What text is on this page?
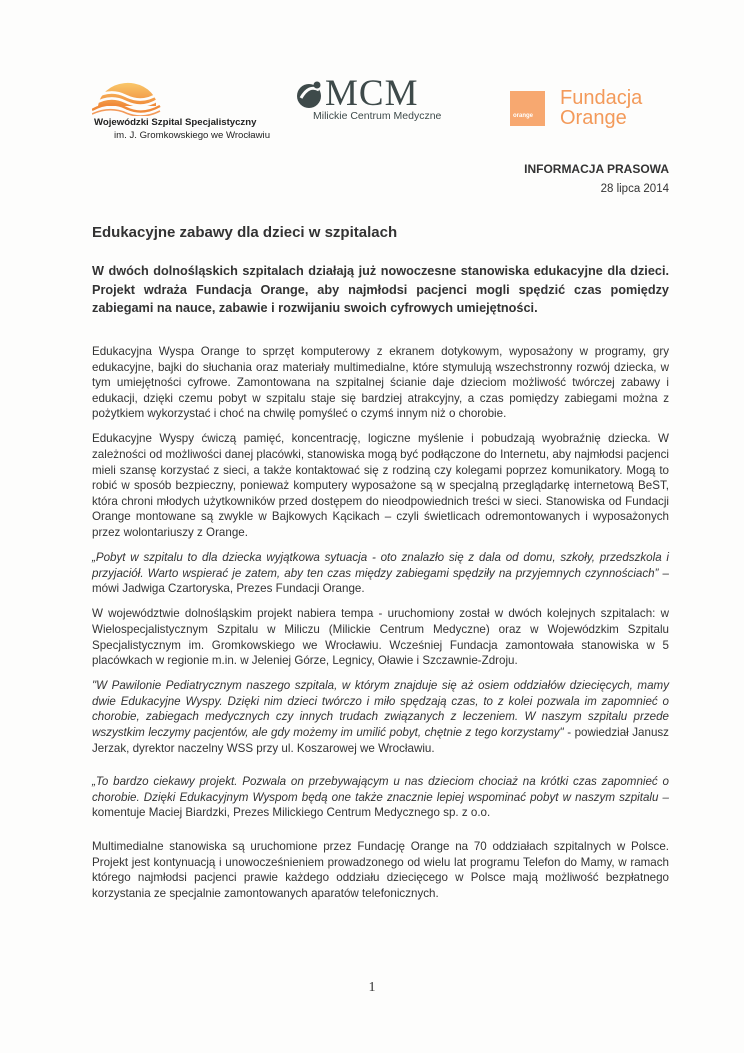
Wojewódzki Szpital Specjalistyczny
im. J. Gromkowskiego we Wrocławiu
MCM
Milickie Centrum Medyczne	orange
Fundacja
Orange
INFORMACJA PRASOWA
28 lipca 2014
Edukacyjne zabawy dla dzieci w szpitalach
W dwóch dolnośląskich szpitalach działają już nowoczesne stanowiska edukacyjne dla dzieci. Projekt wdraża Fundacja Orange, aby najmłodsi pacjenci mogli spędzić czas pomiędzy zabiegami na nauce, zabawie i rozwijaniu swoich cyfrowych umiejętności.

Edukacyjna Wyspa Orange to sprzęt komputerowy z ekranem dotykowym, wyposażony w programy, gry edukacyjne, bajki do słuchania oraz materiały multimedialne, które stymulują wszechstronny rozwój dziecka, w tym umiejętności cyfrowe. Zamontowana na szpitalnej ścianie daje dzieciom możliwość twórczej zabawy i edukacji, dzięki czemu pobyt w szpitalu staje się bardziej atrakcyjny, a czas pomiędzy zabiegami można z pożytkiem wykorzystać i choć na chwilę pomyśleć o czymś innym niż o chorobie.

Edukacyjne Wyspy ćwiczą pamięć, koncentrację, logiczne myślenie i pobudzają wyobraźnię dziecka. W zależności od możliwości danej placówki, stanowiska mogą być podłączone do Internetu, aby najmłodsi pacjenci mieli szansę korzystać z sieci, a także kontaktować się z rodziną czy kolegami poprzez komunikatory. Mogą to robić w sposób bezpieczny, ponieważ komputery wyposażone są w specjalną przeglądarkę internetową BeST, która chroni młodych użytkowników przed dostępem do nieodpowiednich treści w sieci. Stanowiska od Fundacji Orange montowane są zwykle w Bajkowych Kącikach – czyli świetlicach odremontowanych i wyposażonych przez wolontariuszy z Orange.

„Pobyt w szpitalu to dla dziecka wyjątkowa sytuacja - oto znalazło się z dala od domu, szkoły, przedszkola i przyjaciół. Warto wspierać je zatem, aby ten czas między zabiegami spędziły na przyjemnych czynnościach” – mówi Jadwiga Czartoryska, Prezes Fundacji Orange.

W województwie dolnośląskim projekt nabiera tempa - uruchomiony został w dwóch kolejnych szpitalach: w Wielospecjalistycznym Szpitalu w Miliczu (Milickie Centrum Medyczne) oraz w Wojewódzkim Szpitalu Specjalistycznym im. Gromkowskiego we Wrocławiu. Wcześniej Fundacja zamontowała stanowiska w 5 placówkach w regionie m.in. w Jeleniej Górze, Legnicy, Oławie i Szczawnie-Zdroju.

"W Pawilonie Pediatrycznym naszego szpitala, w którym znajduje się aż osiem oddziałów dziecięcych, mamy dwie Edukacyjne Wyspy. Dzięki nim dzieci twórczo i miło spędzają czas, to z kolei pozwala im zapomnieć o chorobie, zabiegach medycznych czy innych trudach związanych z leczeniem. W naszym szpitalu przede wszystkim leczymy pacjentów, ale gdy możemy im umilić pobyt, chętnie z tego korzystamy" - powiedział Janusz Jerzak, dyrektor naczelny WSS przy ul. Koszarowej we Wrocławiu.

„To bardzo ciekawy projekt. Pozwala on przebywającym u nas dzieciom chociaż na krótki czas zapomnieć o chorobie. Dzięki Edukacyjnym Wyspom będą one także znacznie lepiej wspominać pobyt w naszym szpitalu – komentuje Maciej Biardzki, Prezes Milickiego Centrum Medycznego sp. z o.o.

Multimedialne stanowiska są uruchomione przez Fundację Orange na 70 oddziałach szpitalnych w Polsce. Projekt jest kontynuacją i unowocześnieniem prowadzonego od wielu lat programu Telefon do Mamy, w ramach którego najmłodsi pacjenci prawie każdego oddziału dziecięcego w Polsce mają możliwość bezpłatnego korzystania ze specjalnie zamontowanych aparatów telefonicznych.

1
